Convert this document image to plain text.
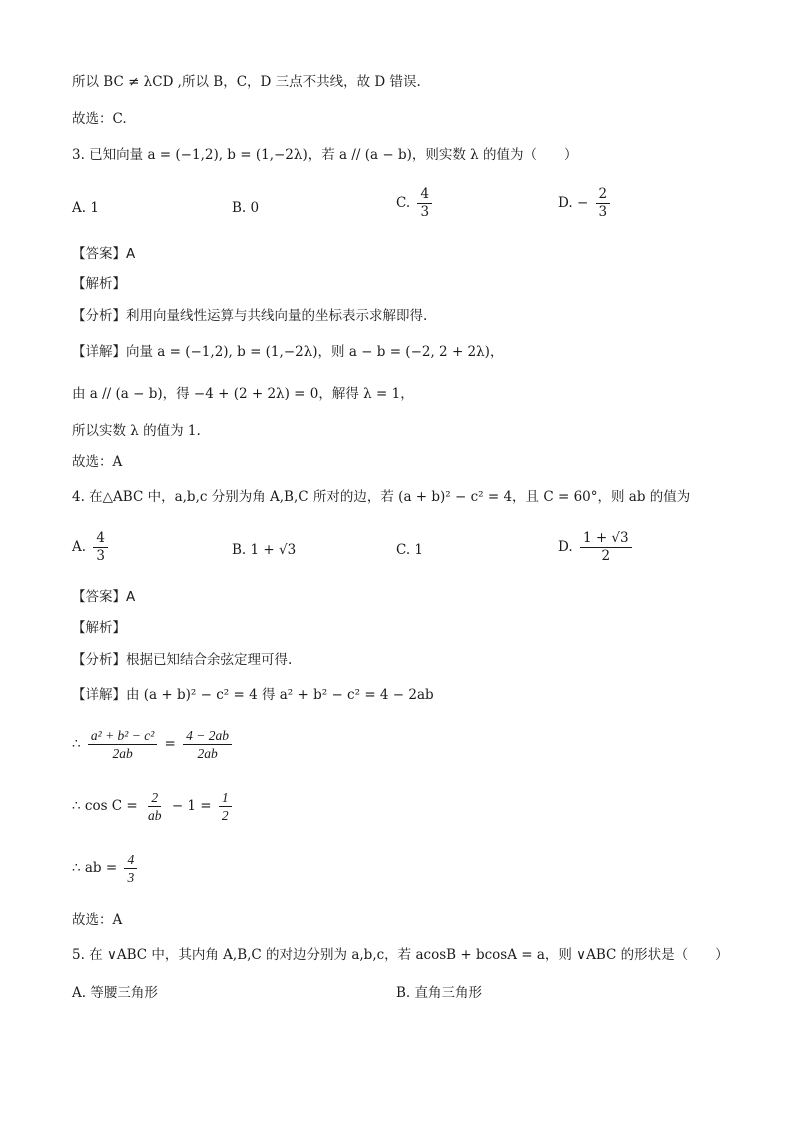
所以 BC ≠ λCD ,所以 B，C，D 三点不共线，故 D 错误.
故选：C.
3. 已知向量 a = (−1,2), b = (1,−2λ)，若 a // (a − b)，则实数 λ 的值为（　　）
A. 1	B. 0	C. $\frac{4}{3}$	D. − $\frac{2}{3}$
【答案】A
【解析】
【分析】利用向量线性运算与共线向量的坐标表示求解即得.
【详解】向量 a = (−1,2), b = (1,−2λ)，则 a − b = (−2, 2 + 2λ)，
由 a // (a − b)，得 −4 + (2 + 2λ) = 0，解得 λ = 1，
所以实数 λ 的值为 1.
故选：A
4. 在△ABC 中，a,b,c 分别为角 A,B,C 所对的边，若 (a + b)² − c² = 4，且 C = 60°，则 ab 的值为
A. $\frac{4}{3}$	B. 1 + √3	C. 1	D. $\frac{1 + √3}{2}$
【答案】A
【解析】
【分析】根据已知结合余弦定理可得.
【详解】由 (a + b)² − c² = 4 得 a² + b² − c² = 4 − 2ab
∴ $\frac{\text{a² + b² − c²}}{2ab} = \frac{4 - 2ab}{2ab}$
∴ $\cos C = \frac{2}{ab} - 1 = \frac{1}{2}$
∴ ab = $\frac{4}{3}$
故选：A
5. 在 ∨ABC 中，其内角 A,B,C 的对边分别为 a,b,c，若 acosB + bcosA = a，则 ∨ABC 的形状是（　　）
A. 等腰三角形	B. 直角三角形
